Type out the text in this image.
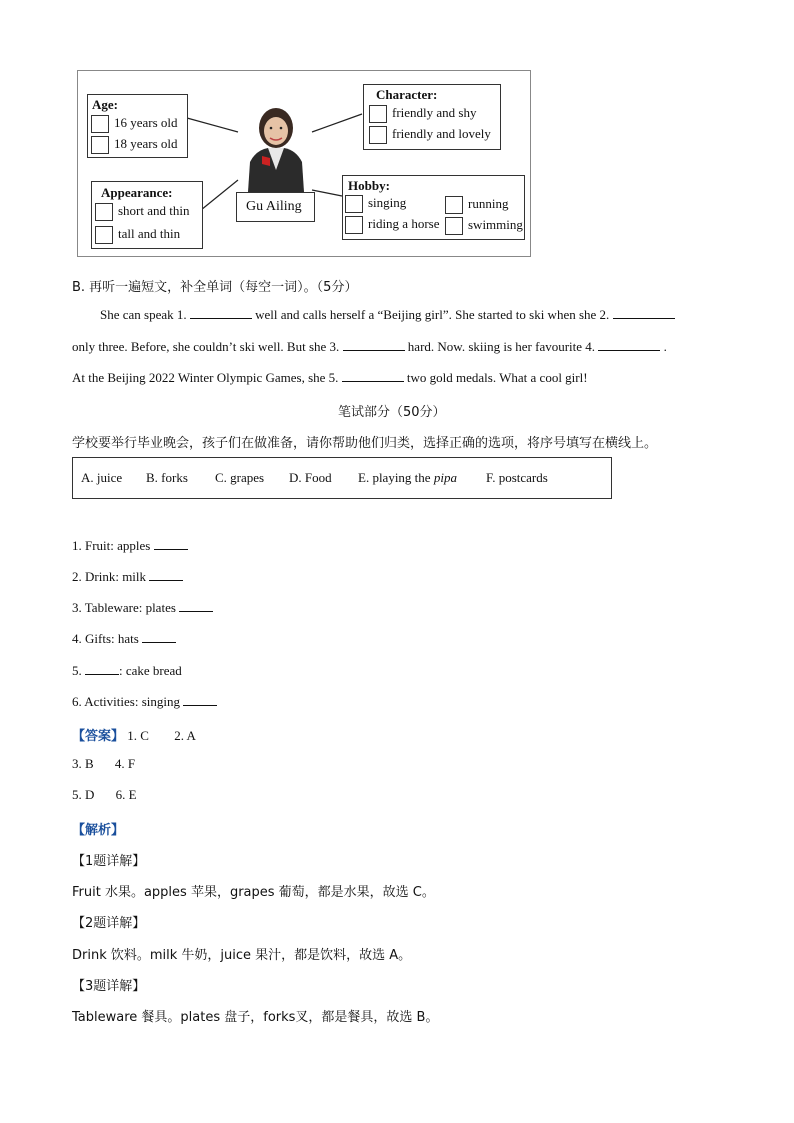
Age:
16 years old
18 years old
Character:
friendly and shy
friendly and lovely
Gu Ailing
Appearance:
short and thin
tall and thin
Hobby:
singing	running
riding a horse	swimming
B. 再听一遍短文，补全单词（每空一词）。（5分）
She can speak 1.	well and calls herself a “Beijing girl”. She started to ski when she 2.
only three. Before, she couldn’t ski well. But she 3.	hard. Now. skiing is her favourite 4.	.
At the Beijing 2022 Winter Olympic Games, she 5.	two gold medals. What a cool girl!
笔试部分（50分）
学校要举行毕业晚会，孩子们在做准备，请你帮助他们归类，选择正确的选项，将序号填写在横线上。
A. juice B. forks C. grapes D. Food E. playing the pipa F. postcards
1. Fruit: apples
2. Drink: milk
3. Tableware: plates
4. Gifts: hats
5.	: cake bread
6. Activities: singing
【答案】 1. C 2. A
3. B 4. F
5. D 6. E
【解析】
【1题详解】
Fruit 水果。apples 苹果，grapes 葡萄，都是水果，故选 C。
【2题详解】
Drink 饮料。milk 牛奶，juice 果汁，都是饮料，故选 A。
【3题详解】
Tableware 餐具。plates 盘子，forks叉，都是餐具，故选 B。
